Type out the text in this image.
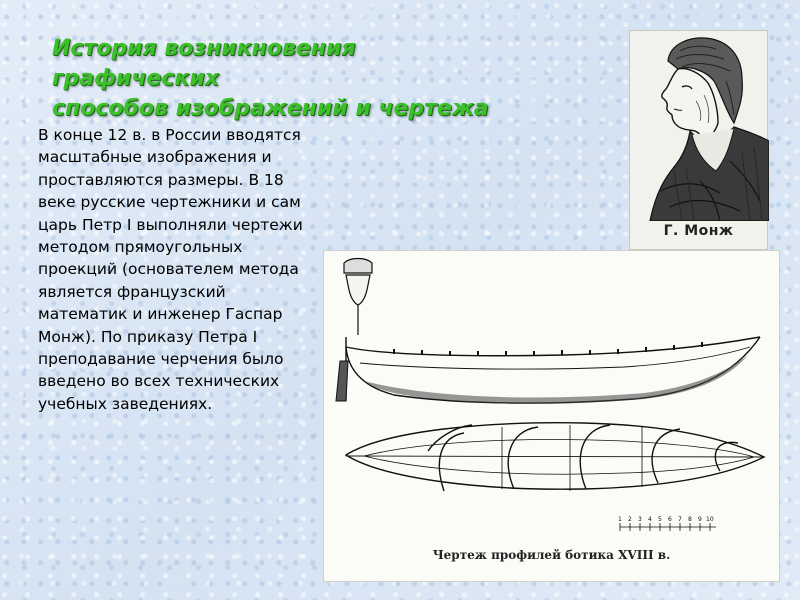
История возникновения графических
способов изображений и чертежа

В конце 12 в. в России вводятся масштабные изображения и проставляются размеры. В 18 веке русские чертежники и сам царь Петр I выполняли чертежи методом прямоугольных проекций (основателем метода является французский математик и инженер Гаспар Монж). По приказу Петра I преподавание черчения было введено во всех технических учебных заведениях.

Г. Монж
1 2 3 4 5 6 7 8 9 10
Чертеж профилей ботика XVIII в.
